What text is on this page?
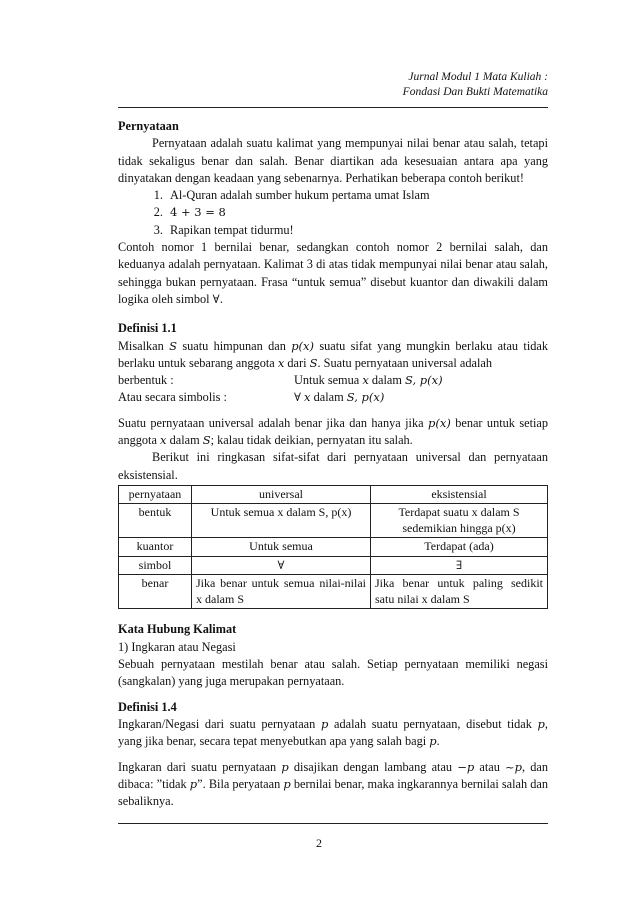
Jurnal Modul 1 Mata Kuliah :
Fondasi Dan Bukti Matematika

Pernyataan

Pernyataan adalah suatu kalimat yang mempunyai nilai benar atau salah, tetapi tidak sekaligus benar dan salah. Benar diartikan ada kesesuaian antara apa yang dinyatakan dengan keadaan yang sebenarnya. Perhatikan beberapa contoh berikut!

1. Al-Quran adalah sumber hukum pertama umat Islam
2. 4 + 3 = 8
3. Rapikan tempat tidurmu!

Contoh nomor 1 bernilai benar, sedangkan contoh nomor 2 bernilai salah, dan keduanya adalah pernyataan. Kalimat 3 di atas tidak mempunyai nilai benar atau salah, sehingga bukan pernyataan. Frasa “untuk semua” disebut kuantor dan diwakili dalam logika oleh simbol ∀.

Definisi 1.1

Misalkan S suatu himpunan dan p(x) suatu sifat yang mungkin berlaku atau tidak berlaku untuk sebarang anggota x dari S. Suatu pernyataan universal adalah

berbentuk :	Untuk semua x dalam S, p(x)
Atau secara simbolis :	∀ x dalam S, p(x)

Suatu pernyataan universal adalah benar jika dan hanya jika p(x) benar untuk setiap anggota x dalam S; kalau tidak deikian, pernyatan itu salah.

Berikut ini ringkasan sifat-sifat dari pernyataan universal dan pernyataan eksistensial.

pernyataan	universal	eksistensial
bentuk	Untuk semua x dalam S, p(x)	Terdapat suatu x dalam S sedemikian hingga p(x)
kuantor	Untuk semua	Terdapat (ada)
simbol	∀	∃
benar	Jika benar untuk semua nilai-nilai x dalam S	Jika benar untuk paling sedikit satu nilai x dalam S

Kata Hubung Kalimat

1) Ingkaran atau Negasi

Sebuah pernyataan mestilah benar atau salah. Setiap pernyataan memiliki negasi (sangkalan) yang juga merupakan pernyataan.

Definisi 1.4

Ingkaran/Negasi dari suatu pernyataan p adalah suatu pernyataan, disebut tidak p, yang jika benar, secara tepat menyebutkan apa yang salah bagi p.

Ingkaran dari suatu pernyataan p disajikan dengan lambang atau −p atau ~p, dan dibaca: ”tidak p”. Bila peryataan p bernilai benar, maka ingkarannya bernilai salah dan sebaliknya.

2
